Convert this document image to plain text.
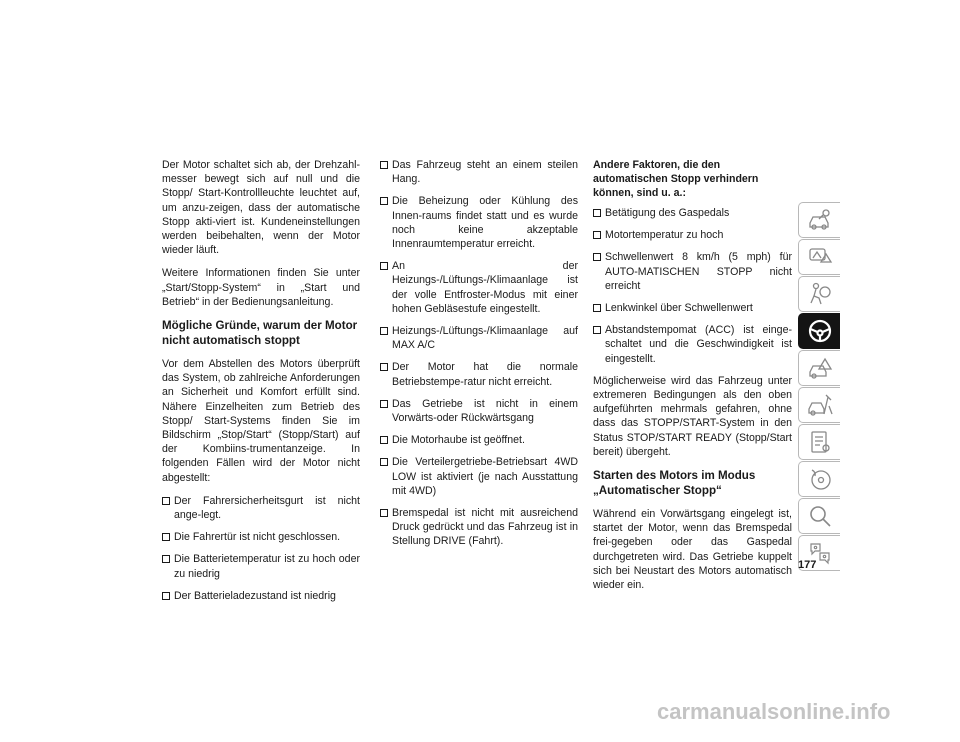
Der Motor schaltet sich ab, der Drehzahl-messer bewegt sich auf null und die Stopp/ Start-Kontrollleuchte leuchtet auf, um anzu-zeigen, dass der automatische Stopp akti-viert ist. Kundeneinstellungen werden beibehalten, wenn der Motor wieder läuft.

Weitere Informationen finden Sie unter „Start/Stopp-System“ in „Start und Betrieb“ in der Bedienungsanleitung.

Mögliche Gründe, warum der Motor nicht automatisch stoppt

Vor dem Abstellen des Motors überprüft das System, ob zahlreiche Anforderungen an Sicherheit und Komfort erfüllt sind. Nähere Einzelheiten zum Betrieb des Stopp/ Start-Systems finden Sie im Bildschirm „Stop/Start“ (Stopp/Start) auf der Kombiins-trumentanzeige. In folgenden Fällen wird der Motor nicht abgestellt:

Der Fahrersicherheitsgurt ist nicht ange-legt.
Die Fahrertür ist nicht geschlossen.
Die Batterietemperatur ist zu hoch oder zu niedrig
Der Batterieladezustand ist niedrig
Das Fahrzeug steht an einem steilen Hang.
Die Beheizung oder Kühlung des Innen-raums findet statt und es wurde noch keine akzeptable Innenraumtemperatur erreicht.
An der Heizungs-/Lüftungs-/Klimaanlage ist der volle Entfroster-Modus mit einer hohen Gebläsestufe eingestellt.
Heizungs-/Lüftungs-/Klimaanlage auf MAX A/C
Der Motor hat die normale Betriebstempe-ratur nicht erreicht.
Das Getriebe ist nicht in einem Vorwärts-oder Rückwärtsgang
Die Motorhaube ist geöffnet.
Die Verteilergetriebe-Betriebsart 4WD LOW ist aktiviert (je nach Ausstattung mit 4WD)
Bremspedal ist nicht mit ausreichend Druck gedrückt und das Fahrzeug ist in Stellung DRIVE (Fahrt).
Andere Faktoren, die den automatischen Stopp verhindern können, sind u. a.:
Betätigung des Gaspedals
Motortemperatur zu hoch
Schwellenwert 8 km/h (5 mph) für AUTO-MATISCHEN STOPP nicht erreicht
Lenkwinkel über Schwellenwert
Abstandstempomat (ACC) ist einge-schaltet und die Geschwindigkeit ist eingestellt.

Möglicherweise wird das Fahrzeug unter extremeren Bedingungen als den oben aufgeführten mehrmals gefahren, ohne dass das STOPP/START-System in den Status STOP/START READY (Stopp/Start bereit) übergeht.

Starten des Motors im Modus „Automatischer Stopp“

Während ein Vorwärtsgang eingelegt ist, startet der Motor, wenn das Bremspedal frei-gegeben oder das Gaspedal durchgetreten wird. Das Getriebe kuppelt sich bei Neustart des Motors automatisch wieder ein.

177
carmanualsonline.info
